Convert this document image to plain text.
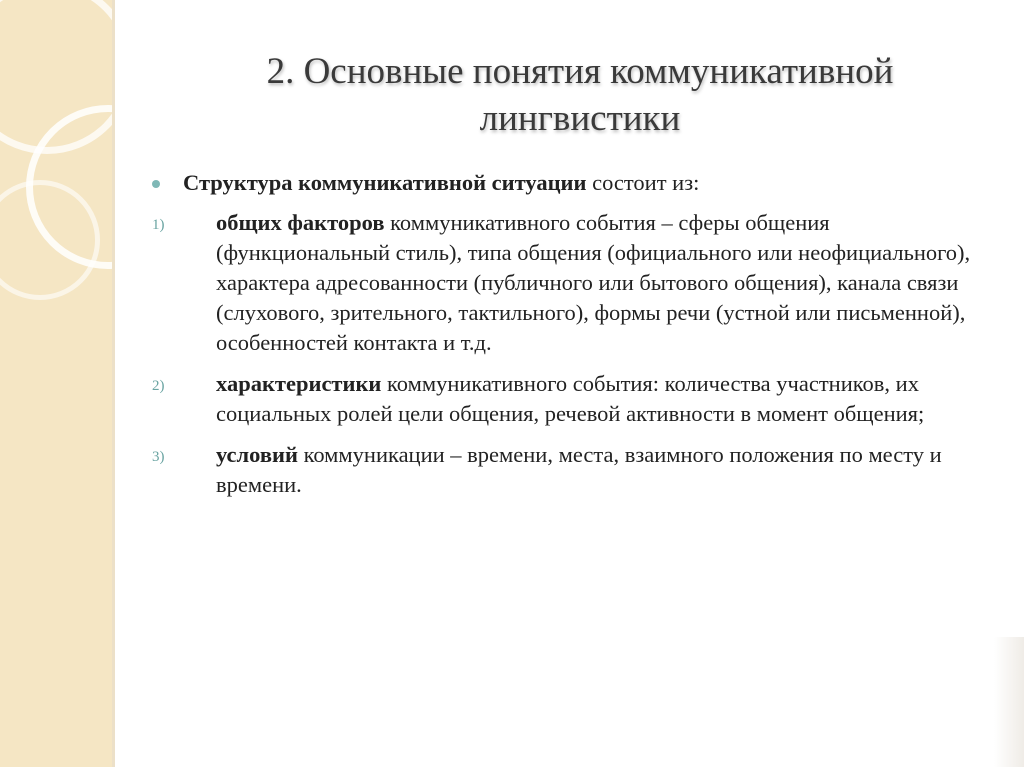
2. Основные понятия коммуникативной
лингвистики
Структура коммуникативной ситуации состоит из:
1) общих факторов коммуникативного события – сферы общения (функциональный стиль), типа общения (официального или неофициального), характера адресованности (публичного или бытового общения), канала связи (слухового, зрительного, тактильного), формы речи (устной или письменной), особенностей контакта и т.д.
2) характеристики коммуникативного события: количества участников, их социальных ролей цели общения, речевой активности в момент общения;
3) условий коммуникации – времени, места, взаимного положения по месту и времени.
